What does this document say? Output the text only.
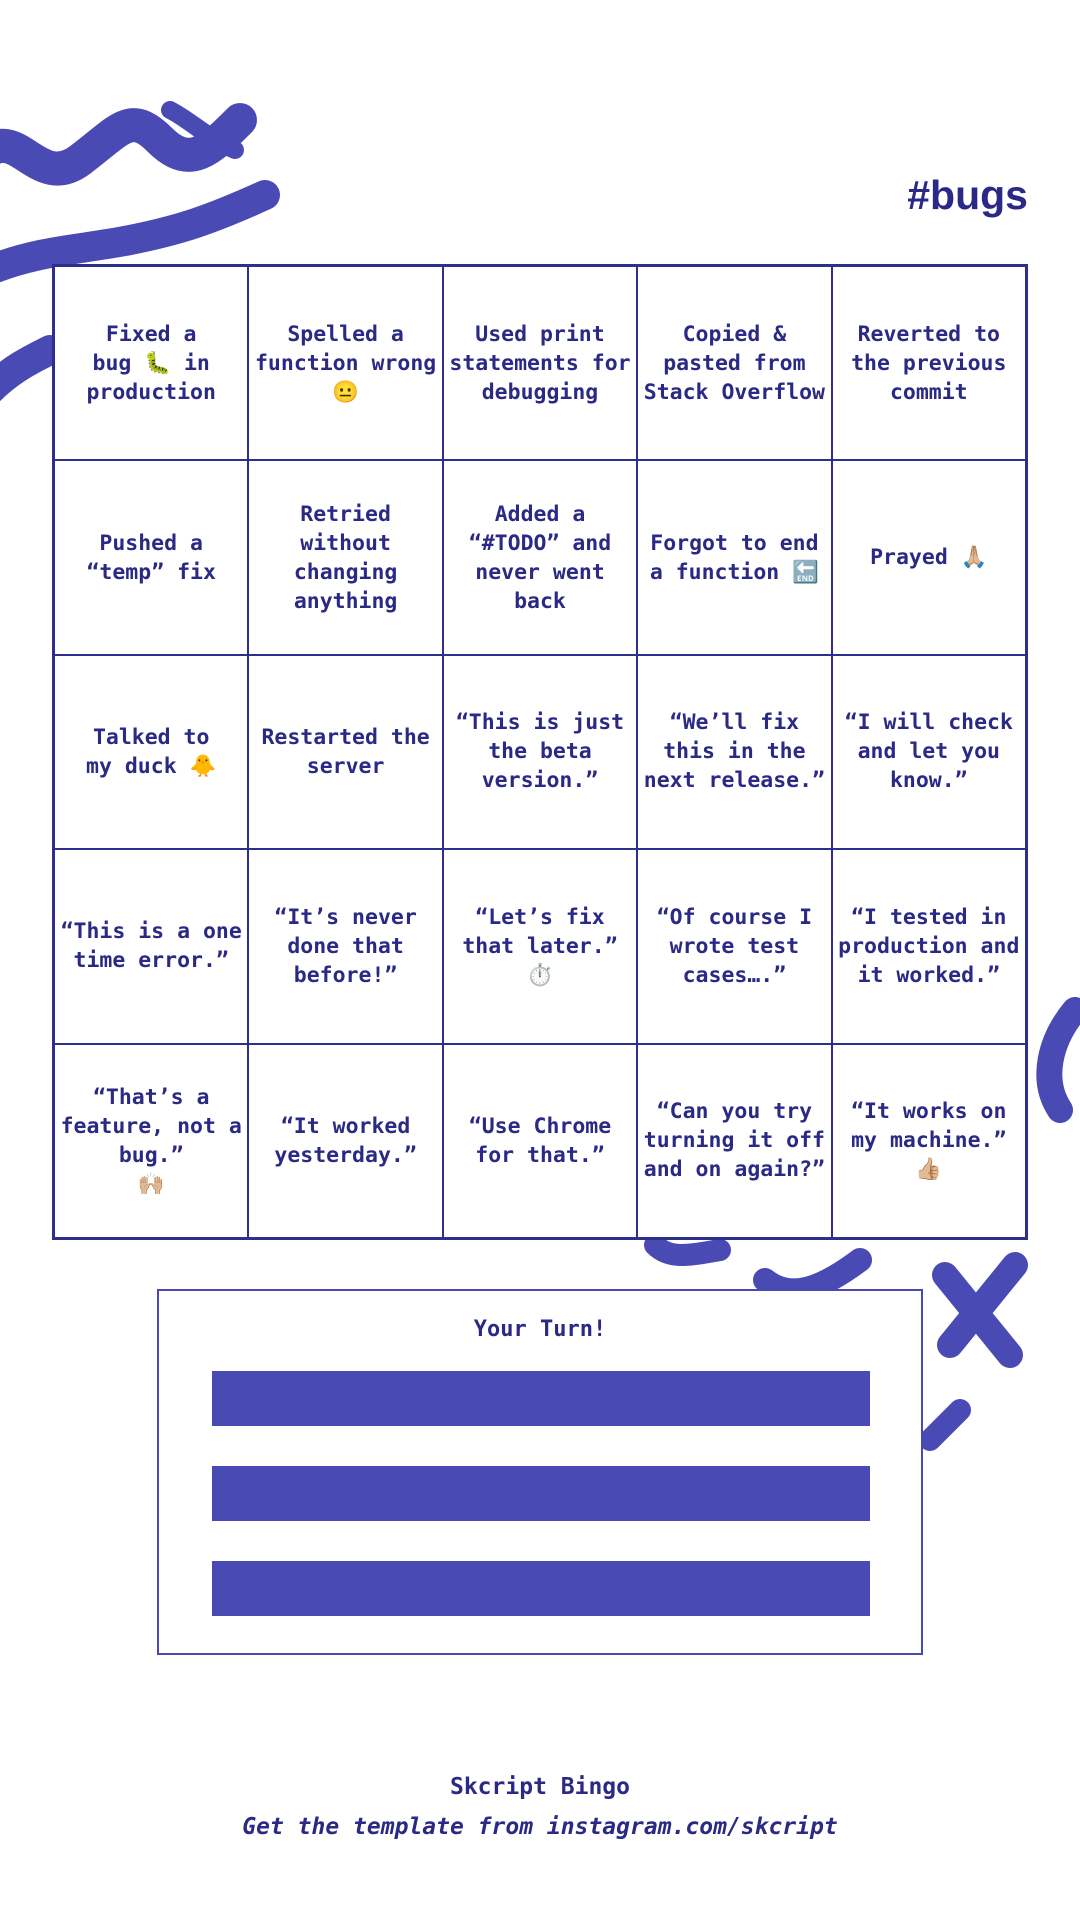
#bugs
Fixed a
bug 🐛 in
production
Spelled a
function wrong
😐
Used print
statements for
debugging
Copied &
pasted from
Stack Overflow
Reverted to
the previous
commit
Pushed a
“temp” fix
Retried
without
changing
anything
Added a
“#TODO” and
never went
back
Forgot to end
a function 🔚
Prayed 🙏🏼
Talked to
my duck 🐥
Restarted the
server
“This is just
the beta
version.”
“We’ll fix
this in the
next release.”
“I will check
and let you
know.”
“This is a one
time error.”
“It’s never
done that
before!”
“Let’s fix
that later.”
⏱️
“Of course I
wrote test
cases….”
“I tested in
production and
it worked.”
“That’s a
feature, not a
bug.”
🙌🏼
“It worked
yesterday.”
“Use Chrome
for that.”
“Can you try
turning it off
and on again?”
“It works on
my machine.”
👍🏼
Your Turn!
Skcript Bingo
Get the template from instagram.com/skcript
